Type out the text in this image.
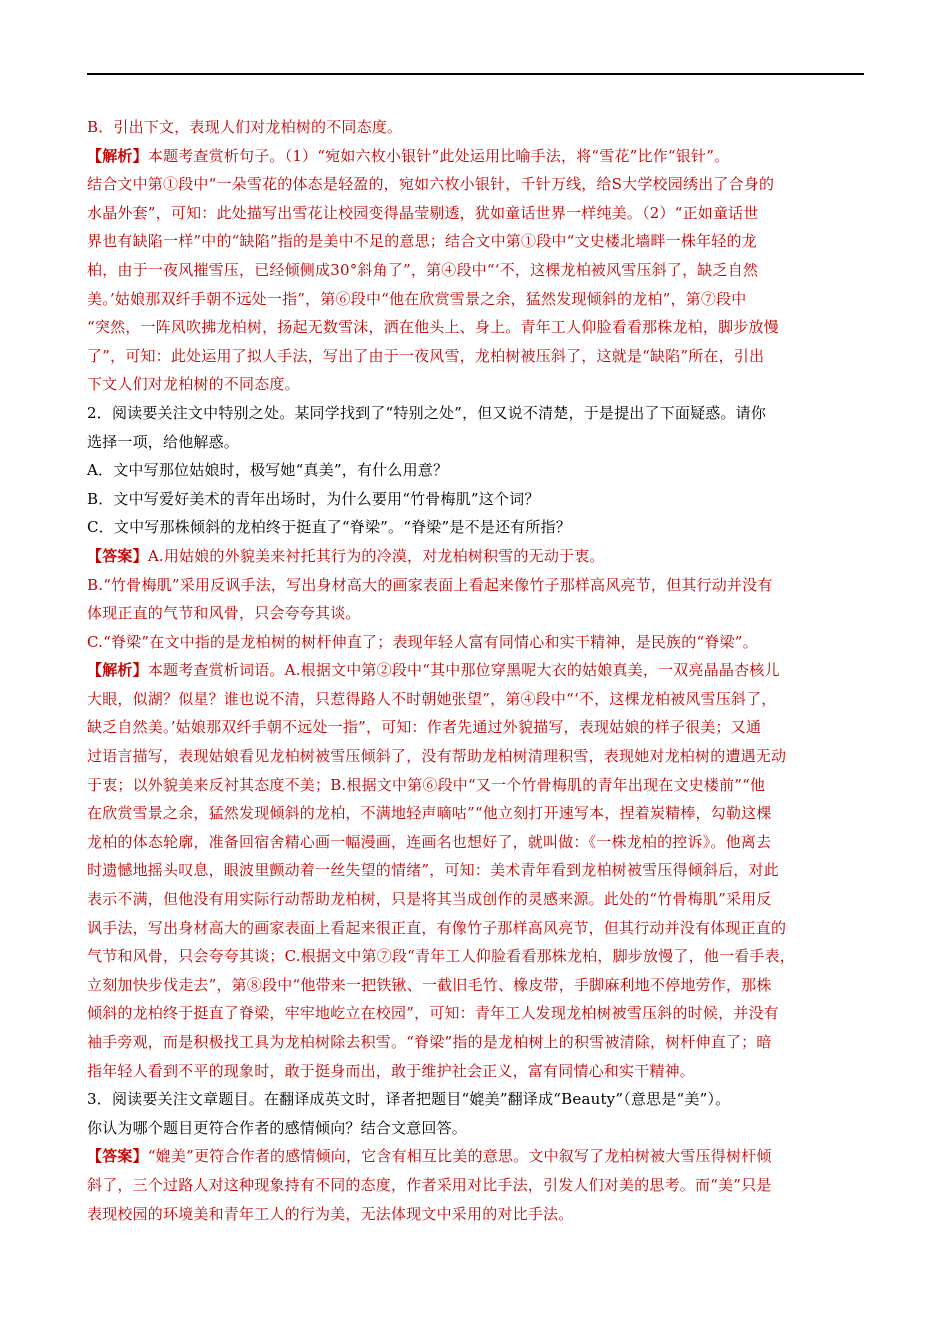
B．引出下文，表现人们对龙柏树的不同态度。
【解析】本题考查赏析句子。（1）“宛如六枚小银针”此处运用比喻手法，将“雪花”比作“银针”。
结合文中第①段中“一朵雪花的体态是轻盈的，宛如六枚小银针，千针万线，给S大学校园绣出了合身的
水晶外套”，可知：此处描写出雪花让校园变得晶莹剔透，犹如童话世界一样纯美。（2）“正如童话世
界也有缺陷一样”中的“缺陷”指的是美中不足的意思；结合文中第①段中“文史楼北墙畔一株年轻的龙
柏，由于一夜风摧雪压，已经倾侧成30°斜角了”，第④段中“‘不，这棵龙柏被风雪压斜了，缺乏自然
美。’姑娘那双纤手朝不远处一指”，第⑥段中“他在欣赏雪景之余，猛然发现倾斜的龙柏”，第⑦段中
“突然，一阵风吹拂龙柏树，扬起无数雪沫，洒在他头上、身上。青年工人仰脸看看那株龙柏，脚步放慢
了”，可知：此处运用了拟人手法，写出了由于一夜风雪，龙柏树被压斜了，这就是“缺陷”所在，引出
下文人们对龙柏树的不同态度。
2．阅读要关注文中特别之处。某同学找到了“特别之处”，但又说不清楚，于是提出了下面疑惑。请你
选择一项，给他解惑。
A．文中写那位姑娘时，极写她“真美”，有什么用意？
B．文中写爱好美术的青年出场时，为什么要用“竹骨梅肌”这个词？
C．文中写那株倾斜的龙柏终于挺直了“脊梁”。“脊梁”是不是还有所指？
【答案】A.用姑娘的外貌美来衬托其行为的冷漠，对龙柏树积雪的无动于衷。
B.“竹骨梅肌”采用反讽手法，写出身材高大的画家表面上看起来像竹子那样高风亮节，但其行动并没有
体现正直的气节和风骨，只会夸夸其谈。
C.“脊梁”在文中指的是龙柏树的树杆伸直了；表现年轻人富有同情心和实干精神，是民族的“脊梁”。
【解析】本题考查赏析词语。A.根据文中第②段中“其中那位穿黑呢大衣的姑娘真美，一双亮晶晶杏核儿
大眼，似湖？似星？谁也说不清，只惹得路人不时朝她张望”，第④段中“‘不，这棵龙柏被风雪压斜了，
缺乏自然美。’姑娘那双纤手朝不远处一指”，可知：作者先通过外貌描写，表现姑娘的样子很美；又通
过语言描写，表现姑娘看见龙柏树被雪压倾斜了，没有帮助龙柏树清理积雪，表现她对龙柏树的遭遇无动
于衷；以外貌美来反衬其态度不美；B.根据文中第⑥段中“又一个竹骨梅肌的青年出现在文史楼前”“他
在欣赏雪景之余，猛然发现倾斜的龙柏，不满地轻声嘀咕”“他立刻打开速写本，捏着炭精棒，勾勒这棵
龙柏的体态轮廓，准备回宿舍精心画一幅漫画，连画名也想好了，就叫做：《一株龙柏的控诉》。他离去
时遗憾地摇头叹息，眼波里颤动着一丝失望的情绪”，可知：美术青年看到龙柏树被雪压得倾斜后，对此
表示不满，但他没有用实际行动帮助龙柏树，只是将其当成创作的灵感来源。此处的“竹骨梅肌”采用反
讽手法，写出身材高大的画家表面上看起来很正直，有像竹子那样高风亮节，但其行动并没有体现正直的
气节和风骨，只会夸夸其谈；C.根据文中第⑦段“青年工人仰脸看看那株龙柏，脚步放慢了，他一看手表，
立刻加快步伐走去”，第⑧段中“他带来一把铁锹、一截旧毛竹、橡皮带，手脚麻利地不停地劳作，那株
倾斜的龙柏终于挺直了脊梁，牢牢地屹立在校园”，可知：青年工人发现龙柏树被雪压斜的时候，并没有
袖手旁观，而是积极找工具为龙柏树除去积雪。“脊梁”指的是龙柏树上的积雪被清除，树杆伸直了；暗
指年轻人看到不平的现象时，敢于挺身而出，敢于维护社会正义，富有同情心和实干精神。
3．阅读要关注文章题目。在翻译成英文时，译者把题目“媲美”翻译成“Beauty”（意思是“美”）。
你认为哪个题目更符合作者的感情倾向？结合文意回答。
【答案】“媲美”更符合作者的感情倾向，它含有相互比美的意思。文中叙写了龙柏树被大雪压得树杆倾
斜了，三个过路人对这种现象持有不同的态度，作者采用对比手法，引发人们对美的思考。而“美”只是
表现校园的环境美和青年工人的行为美，无法体现文中采用的对比手法。
